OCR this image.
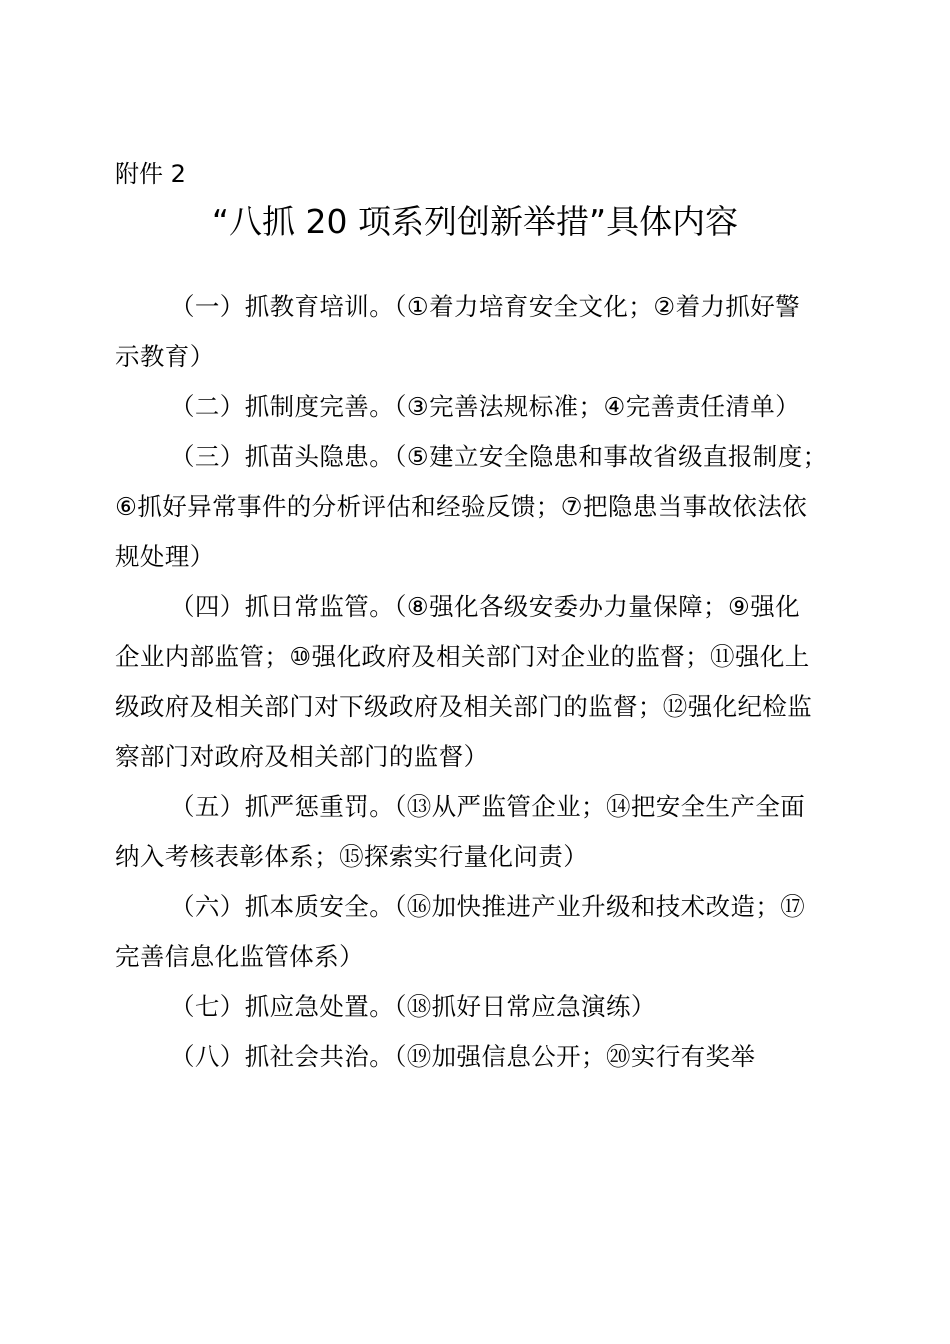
附件 2
“八抓 20 项系列创新举措”具体内容
（一）抓教育培训。（①着力培育安全文化；②着力抓好警
示教育）
（二）抓制度完善。（③完善法规标准；④完善责任清单）
（三）抓苗头隐患。（⑤建立安全隐患和事故省级直报制度；
⑥抓好异常事件的分析评估和经验反馈；⑦把隐患当事故依法依
规处理）
（四）抓日常监管。（⑧强化各级安委办力量保障；⑨强化
企业内部监管；⑩强化政府及相关部门对企业的监督；⑪强化上
级政府及相关部门对下级政府及相关部门的监督；⑫强化纪检监
察部门对政府及相关部门的监督）
（五）抓严惩重罚。（⑬从严监管企业；⑭把安全生产全面
纳入考核表彰体系；⑮探索实行量化问责）
（六）抓本质安全。（⑯加快推进产业升级和技术改造；⑰
完善信息化监管体系）
（七）抓应急处置。（⑱抓好日常应急演练）
（八）抓社会共治。（⑲加强信息公开；⑳实行有奖举
